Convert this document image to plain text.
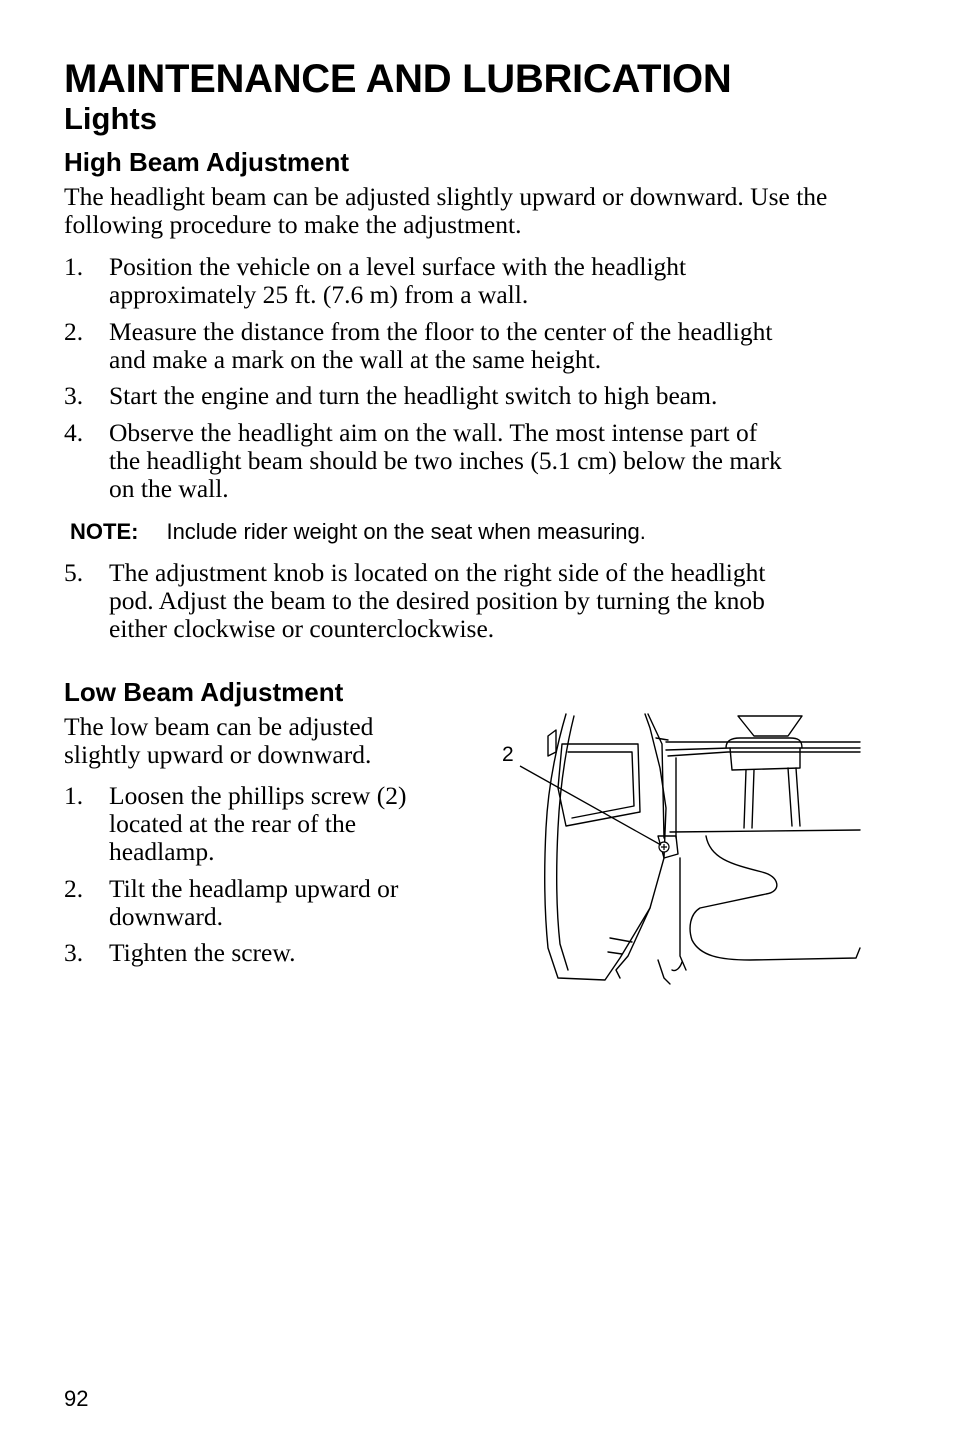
MAINTENANCE AND LUBRICATION
Lights
High Beam Adjustment
The headlight beam can be adjusted slightly upward or downward. Use the following procedure to make the adjustment.
1. Position the vehicle on a level surface with the headlight
approximately 25 ft. (7.6 m) from a wall.
2. Measure the distance from the floor to the center of the headlight
and make a mark on the wall at the same height.
3. Start the engine and turn the headlight switch to high beam.
4. Observe the headlight aim on the wall. The most intense part of
the headlight beam should be two inches (5.1 cm) below the mark
on the wall.
NOTE: Include rider weight on the seat when measuring.
5. The adjustment knob is located on the right side of the headlight
pod. Adjust the beam to the desired position by turning the knob
either clockwise or counterclockwise.
Low Beam Adjustment
The low beam can be adjusted
slightly upward or downward.
1. Loosen the phillips screw (2)
located at the rear of the
headlamp.
2. Tilt the headlamp upward or
downward.
3. Tighten the screw.
2
92
